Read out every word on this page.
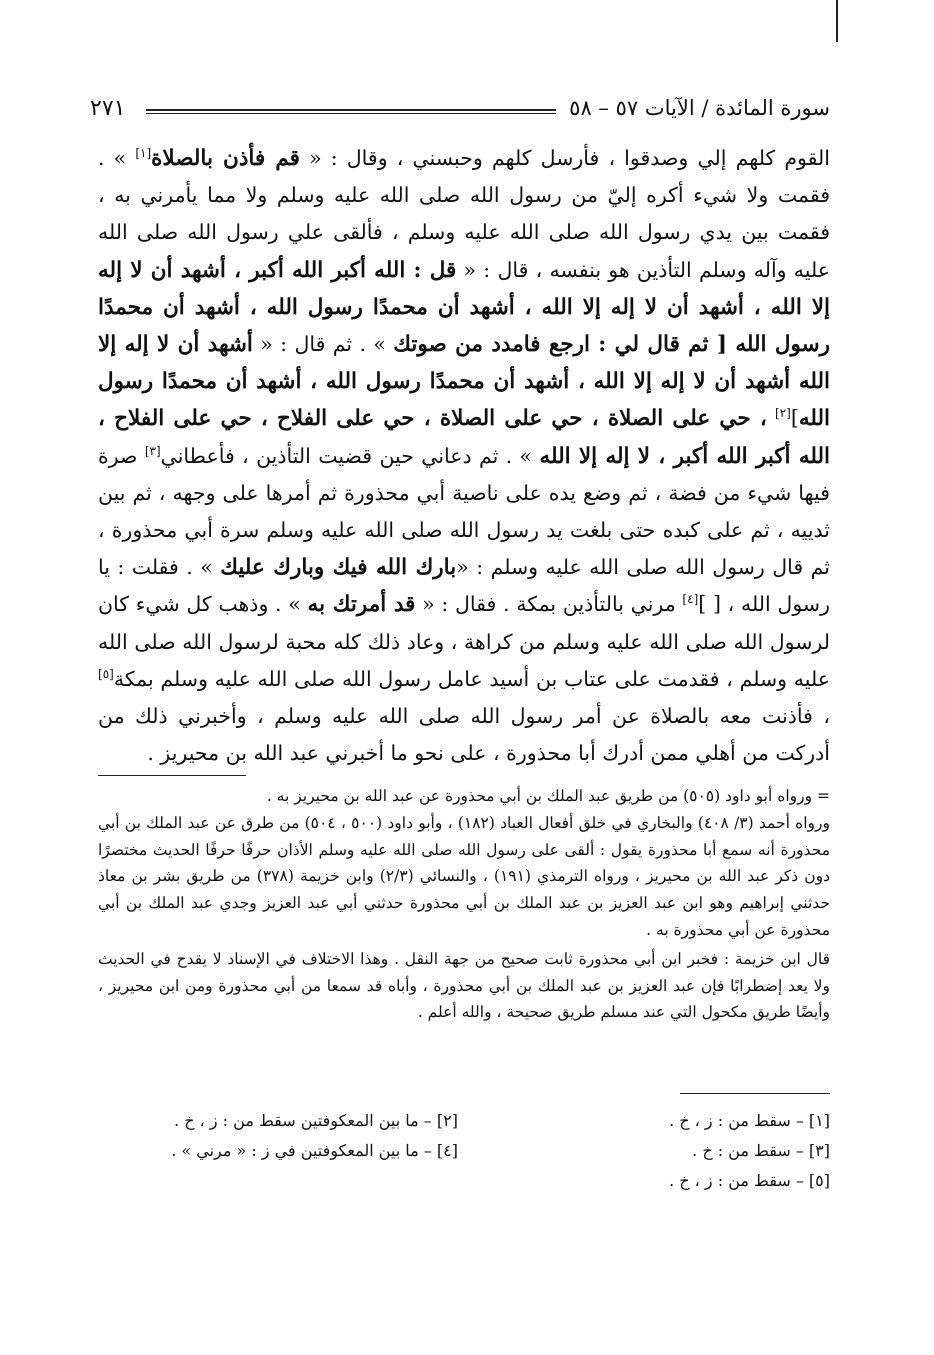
سورة المائدة / الآيات ٥٧ – ٥٨
٢٧١

القوم كلهم إلي وصدقوا ، فأرسل كلهم وحبسني ، وقال : « قم فأذن بالصلاة[١] » . فقمت ولا شيء أكره إليّ من رسول الله صلى الله عليه وسلم ولا مما يأمرني به ، فقمت بين يدي رسول الله صلى الله عليه وسلم ، فألقى علي رسول الله صلى الله عليه وآله وسلم التأذين هو بنفسه ، قال : « قل : الله أكبر الله أكبر ، أشهد أن لا إله إلا الله ، أشهد أن لا إله إلا الله ، أشهد أن محمدًا رسول الله ، أشهد أن محمدًا رسول الله [ ثم قال لي : ارجع فامدد من صوتك » . ثم قال : « أشهد أن لا إله إلا الله أشهد أن لا إله إلا الله ، أشهد أن محمدًا رسول الله ، أشهد أن محمدًا رسول الله][٢] ، حي على الصلاة ، حي على الصلاة ، حي على الفلاح ، حي على الفلاح ، الله أكبر الله أكبر ، لا إله إلا الله » . ثم دعاني حين قضيت التأذين ، فأعطاني[٣] صرة فيها شيء من فضة ، ثم وضع يده على ناصية أبي محذورة ثم أمرها على وجهه ، ثم بين ثدييه ، ثم على كبده حتى بلغت يد رسول الله صلى الله عليه وسلم سرة أبي محذورة ، ثم قال رسول الله صلى الله عليه وسلم : «بارك الله فيك وبارك عليك » . فقلت : يا رسول الله ، [ ][٤] مرني بالتأذين بمكة . فقال : « قد أمرتك به » . وذهب كل شيء كان لرسول الله صلى الله عليه وسلم من كراهة ، وعاد ذلك كله محبة لرسول الله صلى الله عليه وسلم ، فقدمت على عتاب بن أسيد عامل رسول الله صلى الله عليه وسلم بمكة[٥] ، فأذنت معه بالصلاة عن أمر رسول الله صلى الله عليه وسلم ، وأخبرني ذلك من أدركت من أهلي ممن أدرك أبا محذورة ، على نحو ما أخبرني عبد الله بن محيريز .

= ورواه أبو داود (٥٠٥) من طريق عبد الملك بن أبي محذورة عن عبد الله بن محيريز به .

ورواه أحمد (٣/ ٤٠٨) والبخاري في خلق أفعال العباد (١٨٢) ، وأبو داود (٥٠٠ ، ٥٠٤) من طرق عن عبد الملك بن أبي محذورة أنه سمع أبا محذورة يقول : ألقى على رسول الله صلى الله عليه وسلم الأذان حرفًا حرفًا الحديث مختصرًا دون ذكر عبد الله بن محيريز ، ورواه الترمذي (١٩١) ، والنسائي (٢/٣) وابن خزيمة (٣٧٨) من طريق بشر بن معاذ حدثني إبراهيم وهو ابن عبد العزيز بن عبد الملك بن أبي محذورة حدثني أبي عبد العزيز وجدي عبد الملك بن أبي محذورة عن أبي محذورة به .

قال ابن خزيمة : فخبر ابن أبي محذورة ثابت صحيح من جهة النقل . وهذا الاختلاف في الإسناد لا يقدح في الحديث ولا يعد إضطرابًا فإن عبد العزيز بن عبد الملك بن أبي محذورة ، وأباه قد سمعا من أبي محذورة ومن ابن محيريز ، وأيضًا طريق مكحول التي عند مسلم طريق صحيحة ، والله أعلم .

[١] – سقط من : ز ، خ .
[٣] – سقط من : خ .
[٥] – سقط من : ز ، خ .
[٢] – ما بين المعكوفتين سقط من : ز ، خ .
[٤] – ما بين المعكوفتين في ز : « مرني » .
